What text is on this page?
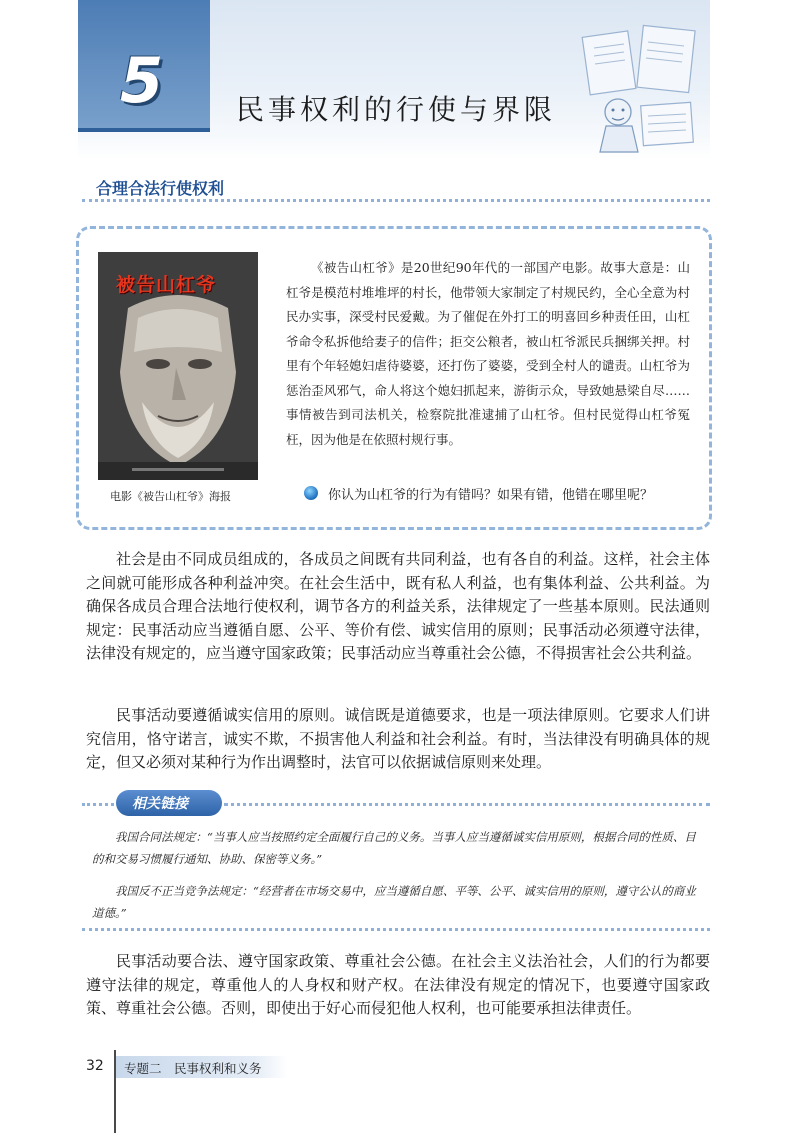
5	民事权利的行使与界限
合理合法行使权利
被告山杠爷
电影《被告山杠爷》海报
《被告山杠爷》是20世纪90年代的一部国产电影。故事大意是：山杠爷是模范村堆堆坪的村长，他带领大家制定了村规民约，全心全意为村民办实事，深受村民爱戴。为了催促在外打工的明喜回乡种责任田，山杠爷命令私拆他给妻子的信件；拒交公粮者，被山杠爷派民兵捆绑关押。村里有个年轻媳妇虐待婆婆，还打伤了婆婆，受到全村人的谴责。山杠爷为惩治歪风邪气，命人将这个媳妇抓起来，游街示众，导致她悬梁自尽……事情被告到司法机关，检察院批准逮捕了山杠爷。但村民觉得山杠爷冤枉，因为他是在依照村规行事。
你认为山杠爷的行为有错吗？如果有错，他错在哪里呢？
社会是由不同成员组成的，各成员之间既有共同利益，也有各自的利益。这样，社会主体之间就可能形成各种利益冲突。在社会生活中，既有私人利益，也有集体利益、公共利益。为确保各成员合理合法地行使权利，调节各方的利益关系，法律规定了一些基本原则。民法通则规定：民事活动应当遵循自愿、公平、等价有偿、诚实信用的原则；民事活动必须遵守法律，法律没有规定的，应当遵守国家政策；民事活动应当尊重社会公德，不得损害社会公共利益。
民事活动要遵循诚实信用的原则。诚信既是道德要求，也是一项法律原则。它要求人们讲究信用，恪守诺言，诚实不欺，不损害他人利益和社会利益。有时，当法律没有明确具体的规定，但又必须对某种行为作出调整时，法官可以依据诚信原则来处理。
相关链接
我国合同法规定：“当事人应当按照约定全面履行自己的义务。当事人应当遵循诚实信用原则，根据合同的性质、目的和交易习惯履行通知、协助、保密等义务。”
我国反不正当竞争法规定：“经营者在市场交易中，应当遵循自愿、平等、公平、诚实信用的原则，遵守公认的商业道德。”
民事活动要合法、遵守国家政策、尊重社会公德。在社会主义法治社会，人们的行为都要遵守法律的规定，尊重他人的人身权和财产权。在法律没有规定的情况下，也要遵守国家政策、尊重社会公德。否则，即使出于好心而侵犯他人权利，也可能要承担法律责任。
32 专题二　民事权利和义务
